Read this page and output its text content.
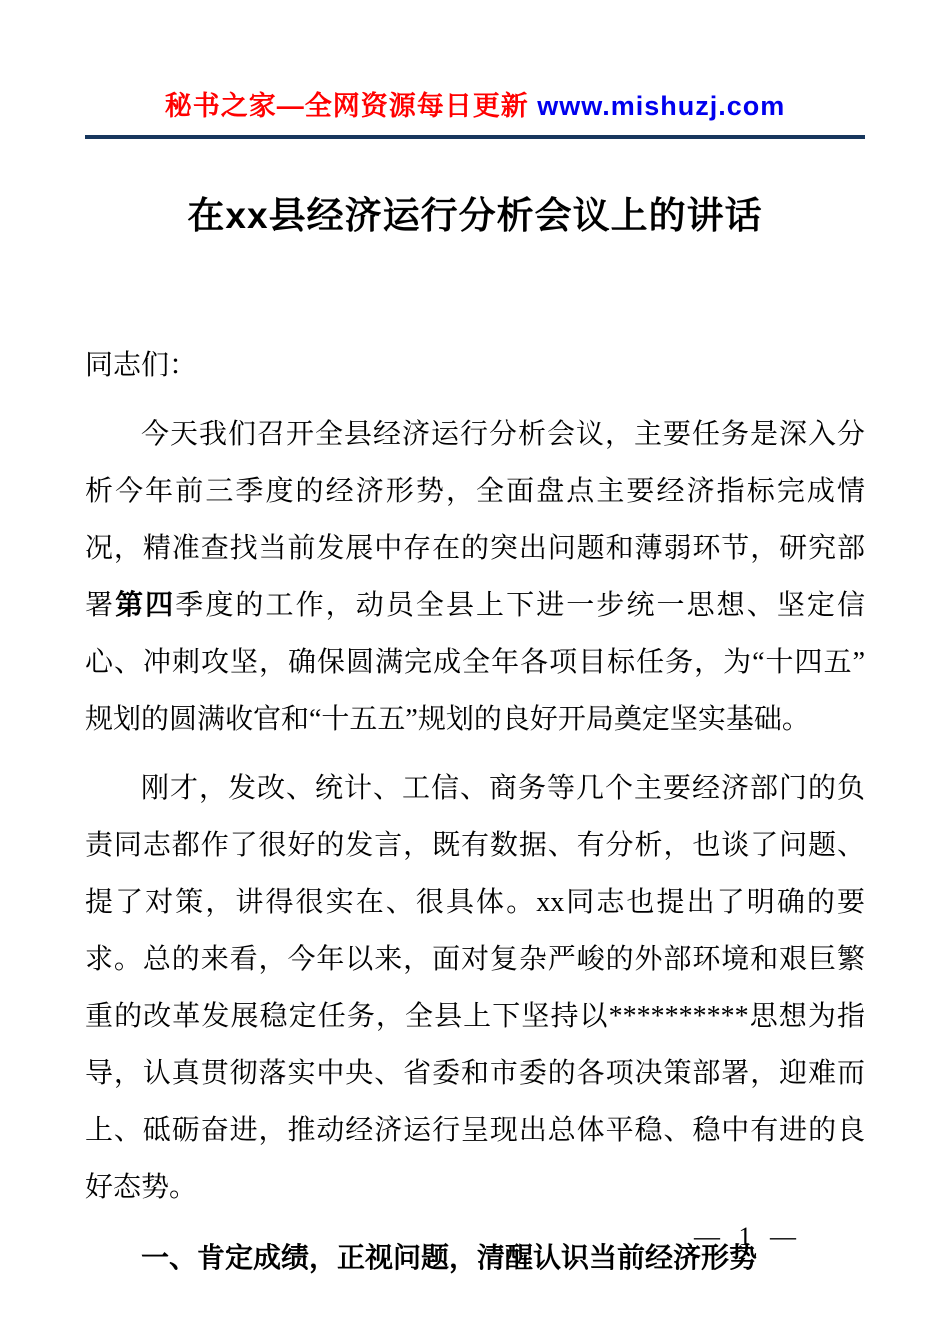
秘书之家—全网资源每日更新 www.mishuzj.com
在xx县经济运行分析会议上的讲话

同志们：

今天我们召开全县经济运行分析会议，主要任务是深入分析今年前三季度的经济形势，全面盘点主要经济指标完成情况，精准查找当前发展中存在的突出问题和薄弱环节，研究部署第四季度的工作，动员全县上下进一步统一思想、坚定信心、冲刺攻坚，确保圆满完成全年各项目标任务，为“十四五”规划的圆满收官和“十五五”规划的良好开局奠定坚实基础。

刚才，发改、统计、工信、商务等几个主要经济部门的负责同志都作了很好的发言，既有数据、有分析，也谈了问题、提了对策，讲得很实在、很具体。xx同志也提出了明确的要求。总的来看，今年以来，面对复杂严峻的外部环境和艰巨繁重的改革发展稳定任务，全县上下坚持以**********思想为指导，认真贯彻落实中央、省委和市委的各项决策部署，迎难而上、砥砺奋进，推动经济运行呈现出总体平稳、稳中有进的良好态势。

一、肯定成绩，正视问题，清醒认识当前经济形势

— 1 —
